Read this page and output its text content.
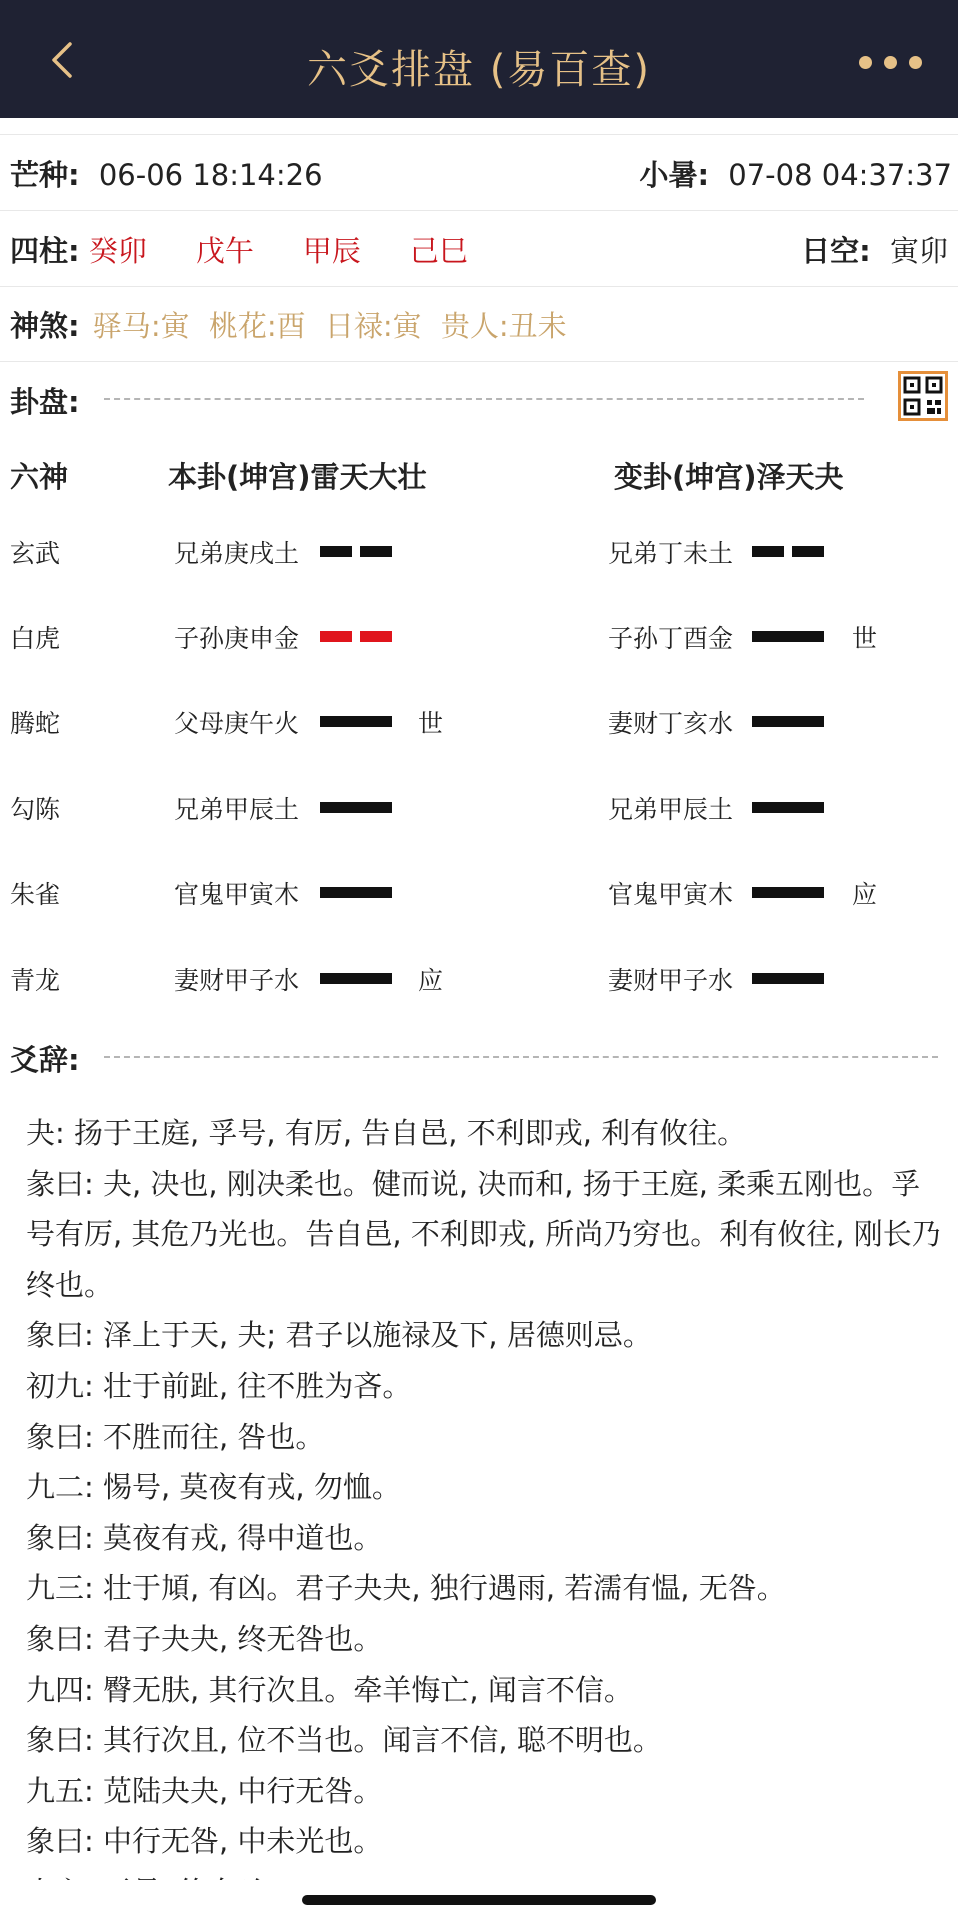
六爻排盘 (易百查)
芒种: 06-06 18:14:26	小暑: 07-08 04:37:37
四柱: 癸卯 戊午 甲辰 己巳	日空: 寅卯
神煞: 驿马:寅 桃花:酉 日禄:寅 贵人:丑未
卦盘:
六神	本卦(坤宫)雷天大壮	变卦(坤宫)泽天夬
玄武	兄弟庚戌土	兄弟丁未土
白虎	子孙庚申金	子孙丁酉金	世
腾蛇	父母庚午火	世	妻财丁亥水
勾陈	兄弟甲辰土	兄弟甲辰土
朱雀	官鬼甲寅木	官鬼甲寅木	应
青龙	妻财甲子水	应	妻财甲子水
爻辞:

夬: 扬于王庭, 孚号, 有厉, 告自邑, 不利即戎, 利有攸往。

彖曰: 夬, 决也, 刚决柔也。健而说, 决而和, 扬于王庭, 柔乘五刚也。孚号有厉, 其危乃光也。告自邑, 不利即戎, 所尚乃穷也。利有攸往, 刚长乃终也。

象曰: 泽上于天, 夬; 君子以施禄及下, 居德则忌。

初九: 壮于前趾, 往不胜为吝。

象曰: 不胜而往, 咎也。

九二: 惕号, 莫夜有戎, 勿恤。

象曰: 莫夜有戎, 得中道也。

九三: 壮于頄, 有凶。君子夬夬, 独行遇雨, 若濡有愠, 无咎。

象曰: 君子夬夬, 终无咎也。

九四: 臀无肤, 其行次且。牵羊悔亡, 闻言不信。

象曰: 其行次且, 位不当也。闻言不信, 聪不明也。

九五: 苋陆夬夬, 中行无咎。

象曰: 中行无咎, 中未光也。
